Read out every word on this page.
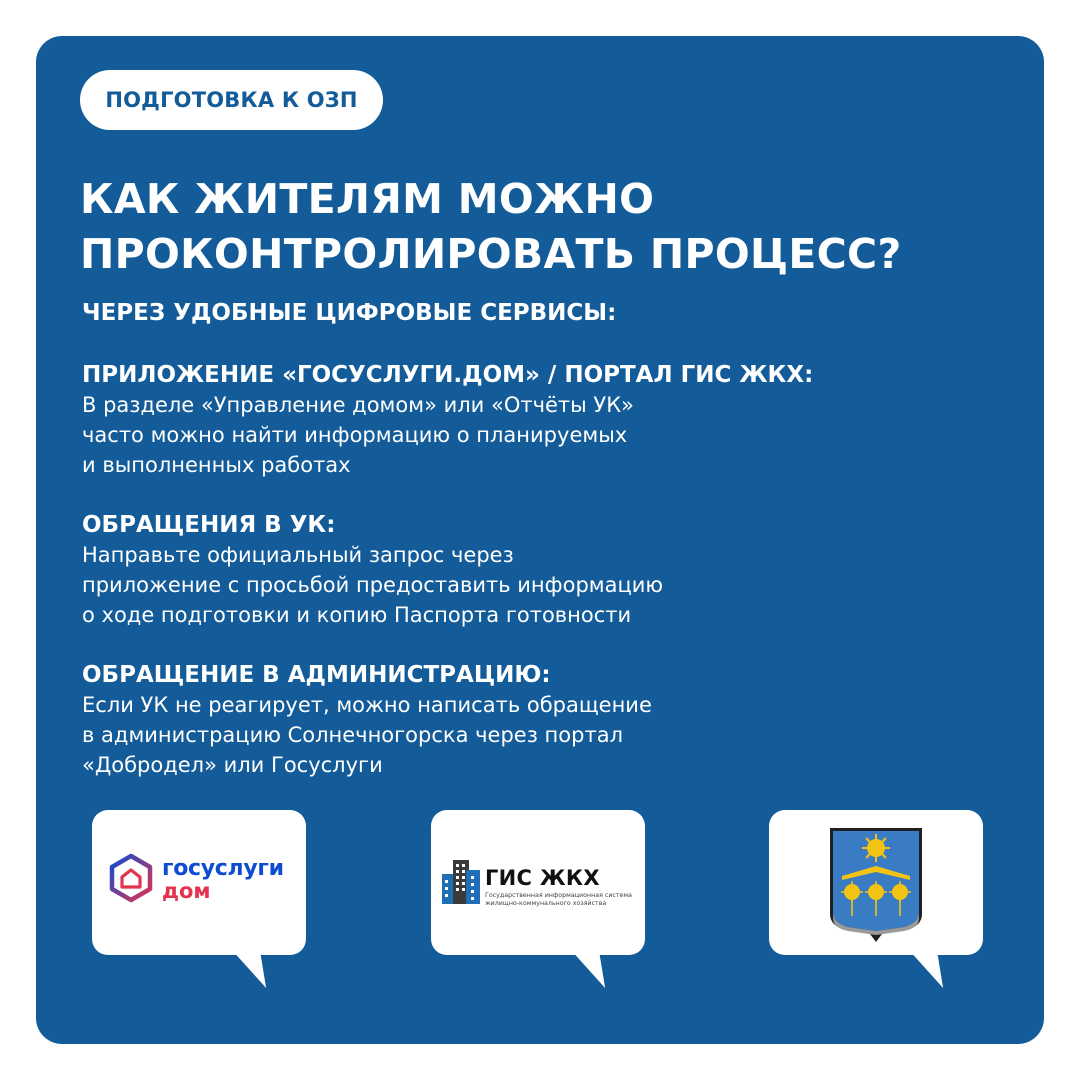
ПОДГОТОВКА К ОЗП
КАК ЖИТЕЛЯМ МОЖНО
ПРОКОНТРОЛИРОВАТЬ ПРОЦЕСС?

ЧЕРЕЗ УДОБНЫЕ ЦИФРОВЫЕ СЕРВИСЫ:

ПРИЛОЖЕНИЕ «ГОСУСЛУГИ.ДОМ» / ПОРТАЛ ГИС ЖКХ:

В разделе «Управление домом» или «Отчёты УК»
часто можно найти информацию о планируемых
и выполненных работах

ОБРАЩЕНИЯ В УК:

Направьте официальный запрос через
приложение с просьбой предоставить информацию
о ходе подготовки и копию Паспорта готовности

ОБРАЩЕНИЕ В АДМИНИСТРАЦИЮ:

Если УК не реагирует, можно написать обращение
в администрацию Солнечногорска через портал
«Добродел» или Госуслуги

госуслуги
дом
ГИС ЖКХ
Государственная информационная система
жилищно-коммунального хозяйства
